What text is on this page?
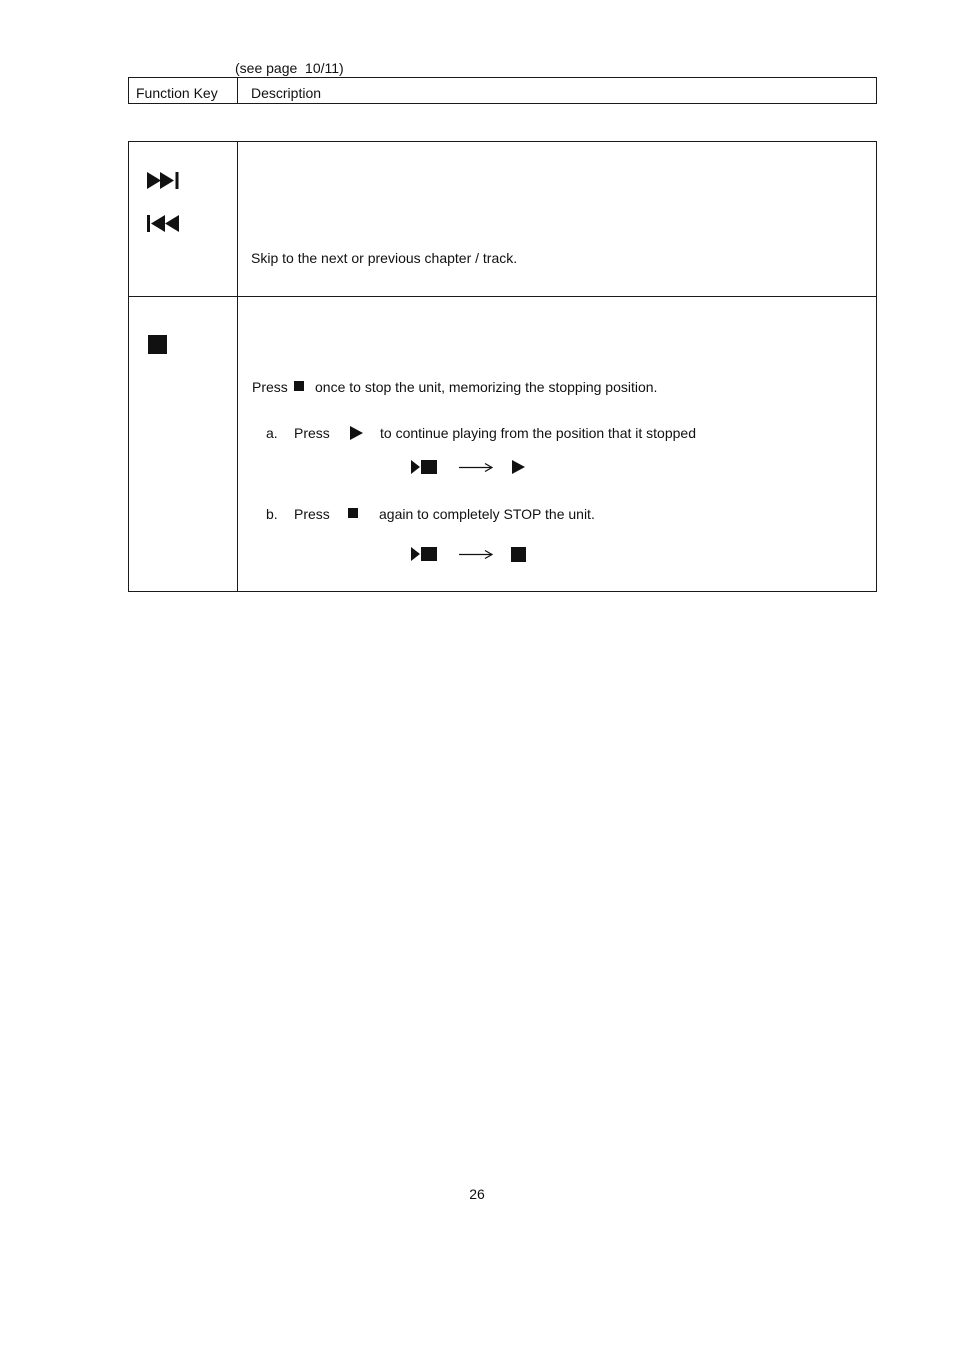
(see page  10/11)
Function Key Description
Skip to the next or previous chapter / track.
Press once to stop the unit, memorizing the stopping position.
a. Press	to continue playing from the position that it stopped
b. Press	again to completely STOP the unit.
26
